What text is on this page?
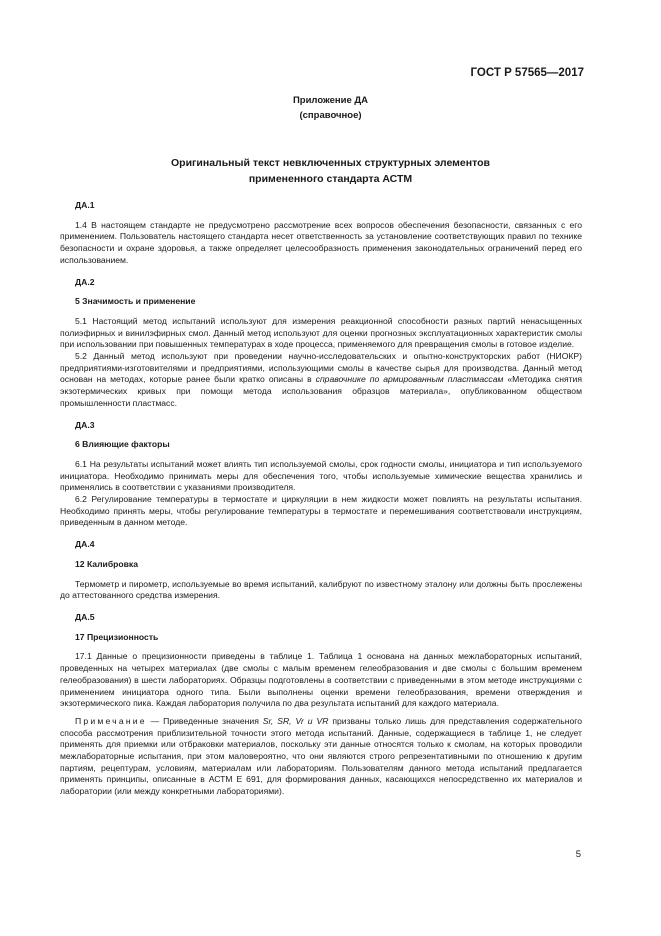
ГОСТ Р 57565—2017
Приложение ДА
(справочное)
Оригинальный текст невключенных структурных элементов
примененного стандарта АСТМ
ДА.1
1.4 В настоящем стандарте не предусмотрено рассмотрение всех вопросов обеспечения безопасности, связанных с его применением. Пользователь настоящего стандарта несет ответственность за установление соответствующих правил по технике безопасности и охране здоровья, а также определяет целесообразность применения законодательных ограничений перед его использованием.
ДА.2
5 Значимость и применение
5.1 Настоящий метод испытаний используют для измерения реакционной способности разных партий ненасыщенных полиэфирных и винилэфирных смол. Данный метод используют для оценки прогнозных эксплуатационных характеристик смолы при использовании при повышенных температурах в ходе процесса, применяемого для превращения смолы в готовое изделие.
5.2 Данный метод используют при проведении научно-исследовательских и опытно-конструкторских работ (НИОКР) предприятиями-изготовителями и предприятиями, использующими смолы в качестве сырья для производства. Данный метод основан на методах, которые ранее были кратко описаны в справочнике по армированным пластмассам «Методика снятия экзотермических кривых при помощи метода использования образцов материала», опубликованном обществом промышленности пластмасс.
ДА.3
6 Влияющие факторы
6.1 На результаты испытаний может влиять тип используемой смолы, срок годности смолы, инициатора и тип используемого инициатора. Необходимо принимать меры для обеспечения того, чтобы используемые химические вещества хранились и применялись в соответствии с указаниями производителя.
6.2 Регулирование температуры в термостате и циркуляции в нем жидкости может повлиять на результаты испытания. Необходимо принять меры, чтобы регулирование температуры в термостате и перемешивания соответствовали инструкциям, приведенным в данном методе.
ДА.4
12 Калибровка
Термометр и пирометр, используемые во время испытаний, калибруют по известному эталону или должны быть прослежены до аттестованного средства измерения.
ДА.5
17 Прецизионность
17.1 Данные о прецизионности приведены в таблице 1. Таблица 1 основана на данных межлабораторных испытаний, проведенных на четырех материалах (две смолы с малым временем гелеобразования и две смолы с большим временем гелеобразования) в шести лабораториях. Образцы подготовлены в соответствии с приведенными в этом методе инструкциями с применением инициатора одного типа. Были выполнены оценки времени гелеобразования, времени отверждения и экзотермического пика. Каждая лаборатория получила по два результата испытаний для каждого материала.
Примечание — Приведенные значения Sr, SR, Vr и VR призваны только лишь для представления содержательного способа рассмотрения приблизительной точности этого метода испытаний. Данные, содержащиеся в таблице 1, не следует применять для приемки или отбраковки материалов, поскольку эти данные относятся только к смолам, на которых проводили межлабораторные испытания, при этом маловероятно, что они являются строго репрезентативными по отношению к другим партиям, рецептурам, условиям, материалам или лабораториям. Пользователям данного метода испытаний предлагается применять принципы, описанные в АСТМ Е 691, для формирования данных, касающихся непосредственно их материалов и лаборатории (или между конкретными лабораториями).
5
